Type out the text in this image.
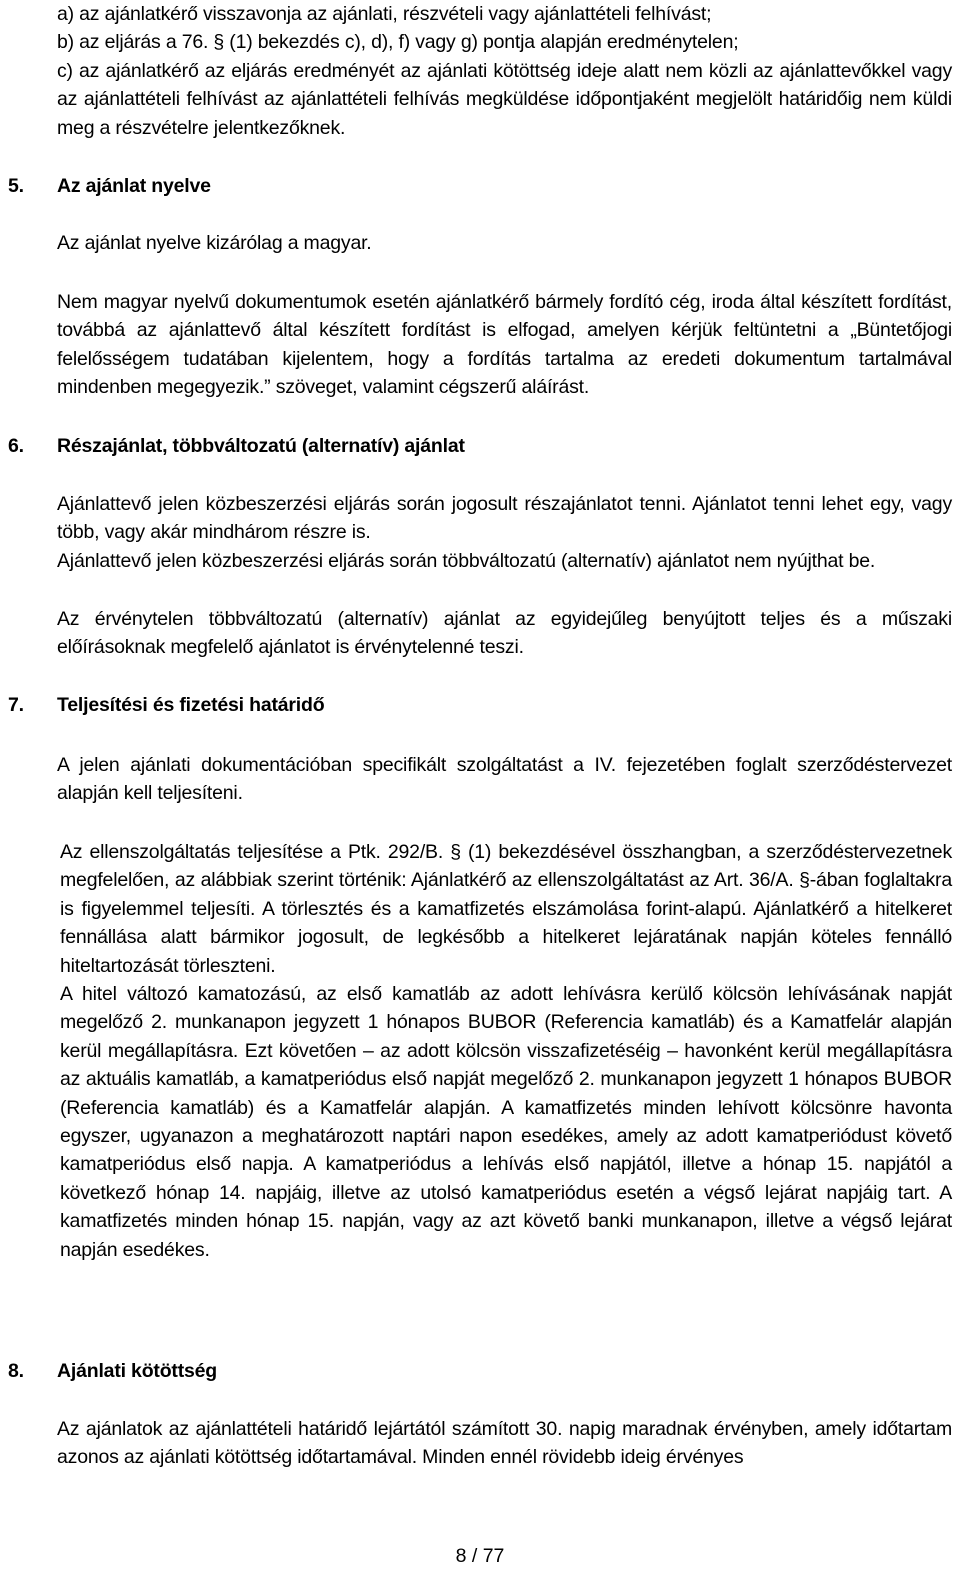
a) az ajánlatkérő visszavonja az ajánlati, részvételi vagy ajánlattételi felhívást;

b) az eljárás a 76. § (1) bekezdés c), d), f) vagy g) pontja alapján eredménytelen;

c) az ajánlatkérő az eljárás eredményét az ajánlati kötöttség ideje alatt nem közli az ajánlattevőkkel vagy az ajánlattételi felhívást az ajánlattételi felhívás megküldése időpontjaként megjelölt határidőig nem küldi meg a részvételre jelentkezőknek.

5.	Az ajánlat nyelve

Az ajánlat nyelve kizárólag a magyar.

Nem magyar nyelvű dokumentumok esetén ajánlatkérő bármely fordító cég, iroda által készített fordítást, továbbá az ajánlattevő által készített fordítást is elfogad, amelyen kérjük feltüntetni a „Büntetőjogi felelősségem tudatában kijelentem, hogy a fordítás tartalma az eredeti dokumentum tartalmával mindenben megegyezik.” szöveget, valamint cégszerű aláírást.

6.	Részajánlat, többváltozatú (alternatív) ajánlat

Ajánlattevő jelen közbeszerzési eljárás során jogosult részajánlatot tenni. Ajánlatot tenni lehet egy, vagy több, vagy akár mindhárom részre is.

Ajánlattevő jelen közbeszerzési eljárás során többváltozatú (alternatív) ajánlatot nem nyújthat be.

Az érvénytelen többváltozatú (alternatív) ajánlat az egyidejűleg benyújtott teljes és a műszaki előírásoknak megfelelő ajánlatot is érvénytelenné teszi.

7.	Teljesítési és fizetési határidő

A jelen ajánlati dokumentációban specifikált szolgáltatást a IV. fejezetében foglalt szerződéstervezet alapján kell teljesíteni.

Az ellenszolgáltatás teljesítése a Ptk. 292/B. § (1) bekezdésével összhangban, a szerződéstervezetnek megfelelően, az alábbiak szerint történik: Ajánlatkérő az ellenszolgáltatást az Art. 36/A. §-ában foglaltakra is figyelemmel teljesíti. A törlesztés és a kamatfizetés elszámolása forint-alapú. Ajánlatkérő a hitelkeret fennállása alatt bármikor jogosult, de legkésőbb a hitelkeret lejáratának napján köteles fennálló hiteltartozását törleszteni.

A hitel változó kamatozású, az első kamatláb az adott lehívásra kerülő kölcsön lehívásának napját megelőző 2. munkanapon jegyzett 1 hónapos BUBOR (Referencia kamatláb) és a Kamatfelár alapján kerül megállapításra. Ezt követően – az adott kölcsön visszafizetéséig – havonként kerül megállapításra az aktuális kamatláb, a kamatperiódus első napját megelőző 2. munkanapon jegyzett 1 hónapos BUBOR (Referencia kamatláb) és a Kamatfelár alapján. A kamatfizetés minden lehívott kölcsönre havonta egyszer, ugyanazon a meghatározott naptári napon esedékes, amely az adott kamatperiódust követő kamatperiódus első napja. A kamatperiódus a lehívás első napjától, illetve a hónap 15. napjától a következő hónap 14. napjáig, illetve az utolsó kamatperiódus esetén a végső lejárat napjáig tart. A kamatfizetés minden hónap 15. napján, vagy az azt követő banki munkanapon, illetve a végső lejárat napján esedékes.

8.	Ajánlati kötöttség

Az ajánlatok az ajánlattételi határidő lejártától számított 30. napig maradnak érvényben, amely időtartam azonos az ajánlati kötöttség időtartamával. Minden ennél rövidebb ideig érvényes

8 / 77
